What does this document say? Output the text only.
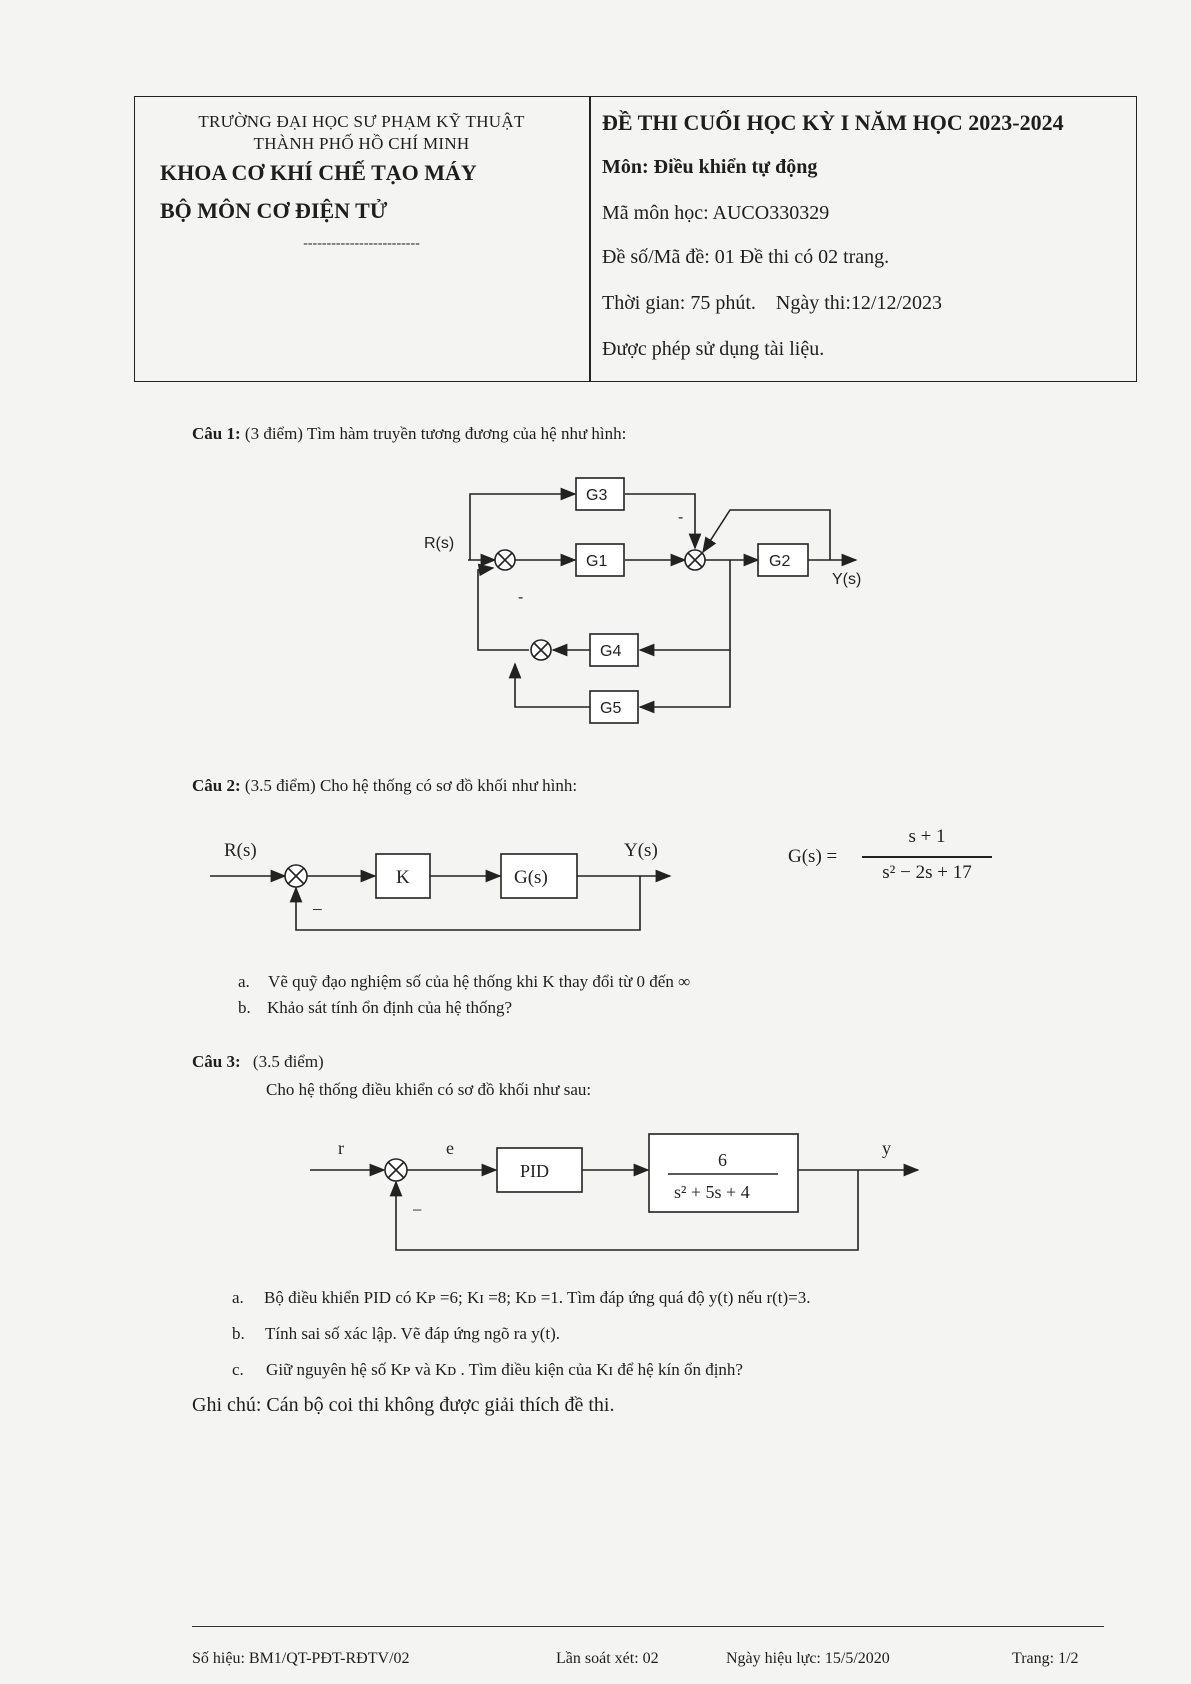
TRƯỜNG ĐẠI HỌC SƯ PHẠM KỸ THUẬT
THÀNH PHỐ HỒ CHÍ MINH
KHOA CƠ KHÍ CHẾ TẠO MÁY
BỘ MÔN CƠ ĐIỆN TỬ
-------------------------
ĐỀ THI CUỐI HỌC KỲ I NĂM HỌC 2023-2024
Môn: Điều khiển tự động
Mã môn học: AUCO330329
Đề số/Mã đề: 01 Đề thi có 02 trang.
Thời gian: 75 phút.    Ngày thi:12/12/2023
Được phép sử dụng tài liệu.
Câu 1: (3 điểm) Tìm hàm truyền tương đương của hệ như hình:
R(s)
Y(s)
G3
G1	G2
G4
G5
-
-
Câu 2: (3.5 điểm) Cho hệ thống có sơ đồ khối như hình:
R(s)	Y(s)
K	G(s)
−
G(s) =
s + 1
s² − 2s + 17
a. Vẽ quỹ đạo nghiệm số của hệ thống khi K thay đổi từ 0 đến ∞
b. Khảo sát tính ổn định của hệ thống?
Câu 3: (3.5 điểm)
Cho hệ thống điều khiển có sơ đồ khối như sau:
r	e
PID
6
s² + 5s + 4
y
−
a. Bộ điều khiển PID có Kᴘ =6; Kɪ =8; Kᴅ =1. Tìm đáp ứng quá độ y(t) nếu r(t)=3.
b. Tính sai số xác lập. Vẽ đáp ứng ngõ ra y(t).
c. Giữ nguyên hệ số Kᴘ và Kᴅ . Tìm điều kiện của Kɪ để hệ kín ổn định?
Ghi chú: Cán bộ coi thi không được giải thích đề thi.
Số hiệu: BM1/QT-PĐT-RĐTV/02	Lần soát xét: 02	Ngày hiệu lực: 15/5/2020	Trang: 1/2
